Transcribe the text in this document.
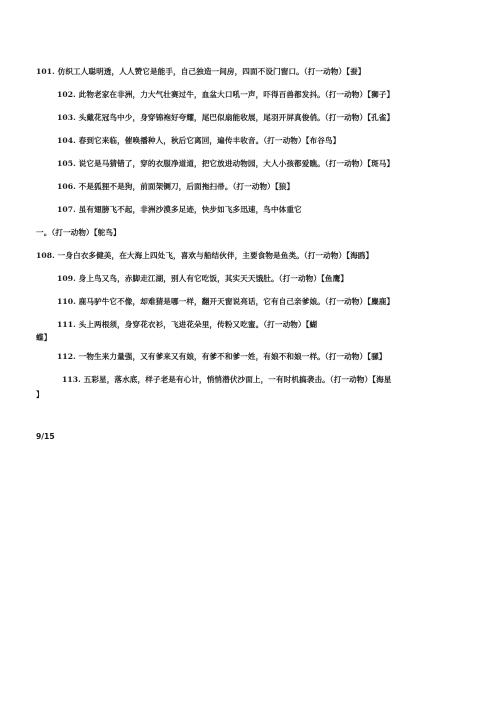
101. 仿织工人聪明透，人人赞它是能手，自己独造一间房，四面不设门窗口。（打一动物）【蚕】
102. 此物老家在非洲，力大气壮赛过牛，血盆大口吼一声，吓得百兽都发抖。（打一动物）【狮子】
103. 头戴花冠鸟中少，身穿锦袍好夸耀，尾巴似扇能收展，尾羽开屏真俊俏。（打一动物）【孔雀】
104. 春到它来临，催唤播种人，秋后它离回，遍传丰收音。（打一动物）【布谷鸟】
105. 说它是马猜错了，穿的衣服净道道，把它放进动物园，大人小孩都爱瞧。（打一动物）【斑马】
106. 不是狐狸不是狗，前面架铡刀，后面拖扫帚。（打一动物）【狼】
107. 虽有翅膀飞不起，非洲沙漠多足迹，快步如飞多迅速，鸟中体重它
一。（打一动物）【鸵鸟】
108. 一身白衣多健美，在大海上四处飞，喜欢与船结伙伴，主要食物是鱼类。（打一动物）【海鸥】
109. 身上鸟又鸟，赤脚走江湖，别人有它吃饭，其实天天饿肚。（打一动物）【鱼鹰】
110. 鹿马驴牛它不像，却难猜是哪一样，翻开天窗说亮话，它有自己亲爹娘。（打一动物）【麋鹿】
111. 头上两根须，身穿花衣衫，飞进花朵里，传粉又吃蜜。（打一动物）【蝴
蝶】
112. 一物生来力量强，又有爹来又有娘，有爹不和爹一姓，有娘不和娘一样。（打一动物）【骡】
113. 五彩星，落水底，样子老是有心计，悄悄潜伏沙面上，一有时机搞袭击。（打一动物）【海星
】
9/15
